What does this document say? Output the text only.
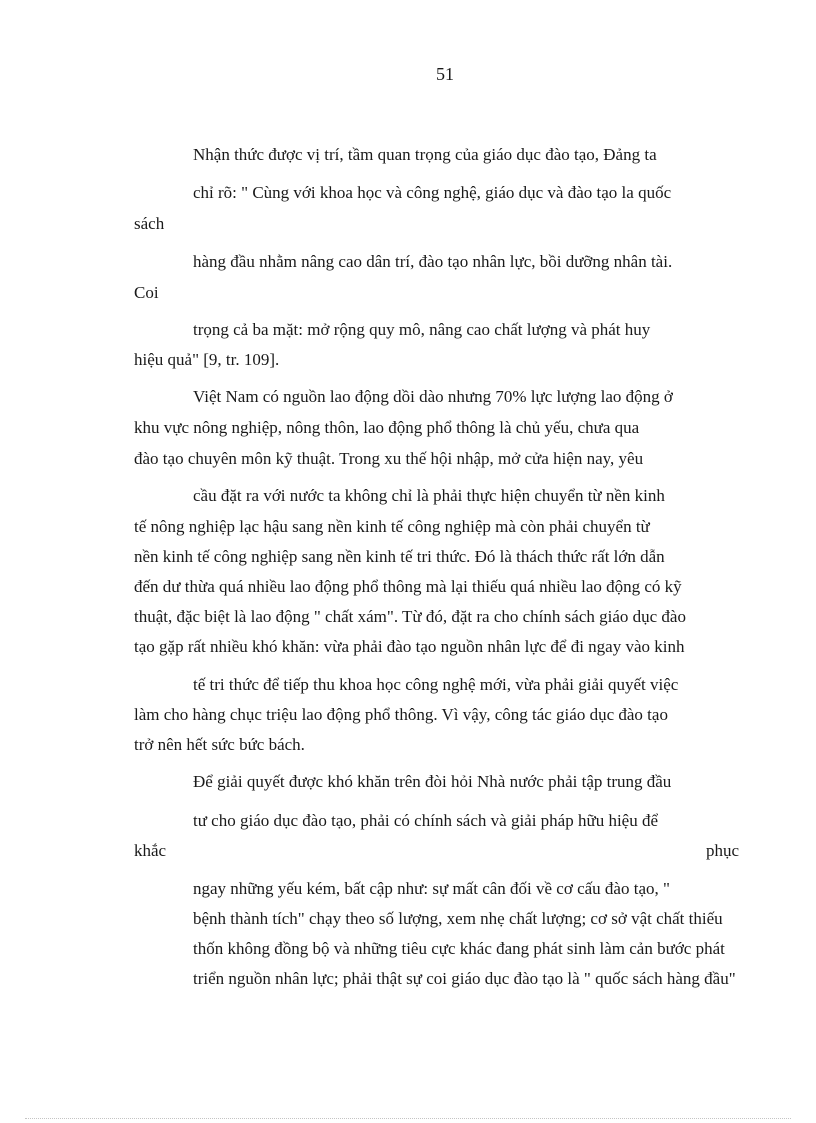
51
Nhận thức được vị trí, tầm quan trọng của giáo dục đào tạo, Đảng ta
chỉ rõ: " Cùng với khoa học và công nghệ, giáo dục và đào tạo la quốc
sách
hàng đầu nhằm nâng cao dân trí, đào tạo nhân lực, bồi dưỡng nhân tài.
Coi
trọng cả ba mặt: mở rộng quy mô, nâng cao chất lượng và phát huy
hiệu quả" [9, tr. 109].
Việt Nam có nguồn lao động dồi dào nhưng 70% lực lượng lao động ở
khu vực nông nghiệp, nông thôn, lao động phổ thông là chủ yếu, chưa qua
đào tạo chuyên môn kỹ thuật. Trong xu thế hội nhập, mở cửa hiện nay, yêu
cầu đặt ra với nước ta không chỉ là phải thực hiện chuyển từ nền kinh
tế nông nghiệp lạc hậu sang nền kinh tế công nghiệp mà còn phải chuyển từ
nền kinh tế công nghiệp sang nền kinh tế tri thức. Đó là thách thức rất lớn dẫn
đến dư thừa quá nhiều lao động phổ thông mà lại thiếu quá nhiều lao động có kỹ
thuật, đặc biệt là lao động " chất xám". Từ đó, đặt ra cho chính sách giáo dục đào
tạo gặp rất nhiều khó khăn: vừa phải đào tạo nguồn nhân lực để đi ngay vào kinh
tế tri thức để tiếp thu khoa học công nghệ mới, vừa phải giải quyết việc
làm cho hàng chục triệu lao động phổ thông. Vì vậy, công tác giáo dục đào tạo
trở nên hết sức bức bách.
Để giải quyết được khó khăn trên đòi hỏi Nhà nước phải tập trung đầu
tư cho giáo dục đào tạo, phải có chính sách và giải pháp hữu hiệu để
khắc	phục
ngay những yếu kém, bất cập như: sự mất cân đối về cơ cấu đào tạo, "
bệnh thành tích" chạy theo số lượng, xem nhẹ chất lượng; cơ sở vật chất thiếu
thốn không đồng bộ và những tiêu cực khác đang phát sinh làm cản bước phát
triển nguồn nhân lực; phải thật sự coi giáo dục đào tạo là " quốc sách hàng đầu"
